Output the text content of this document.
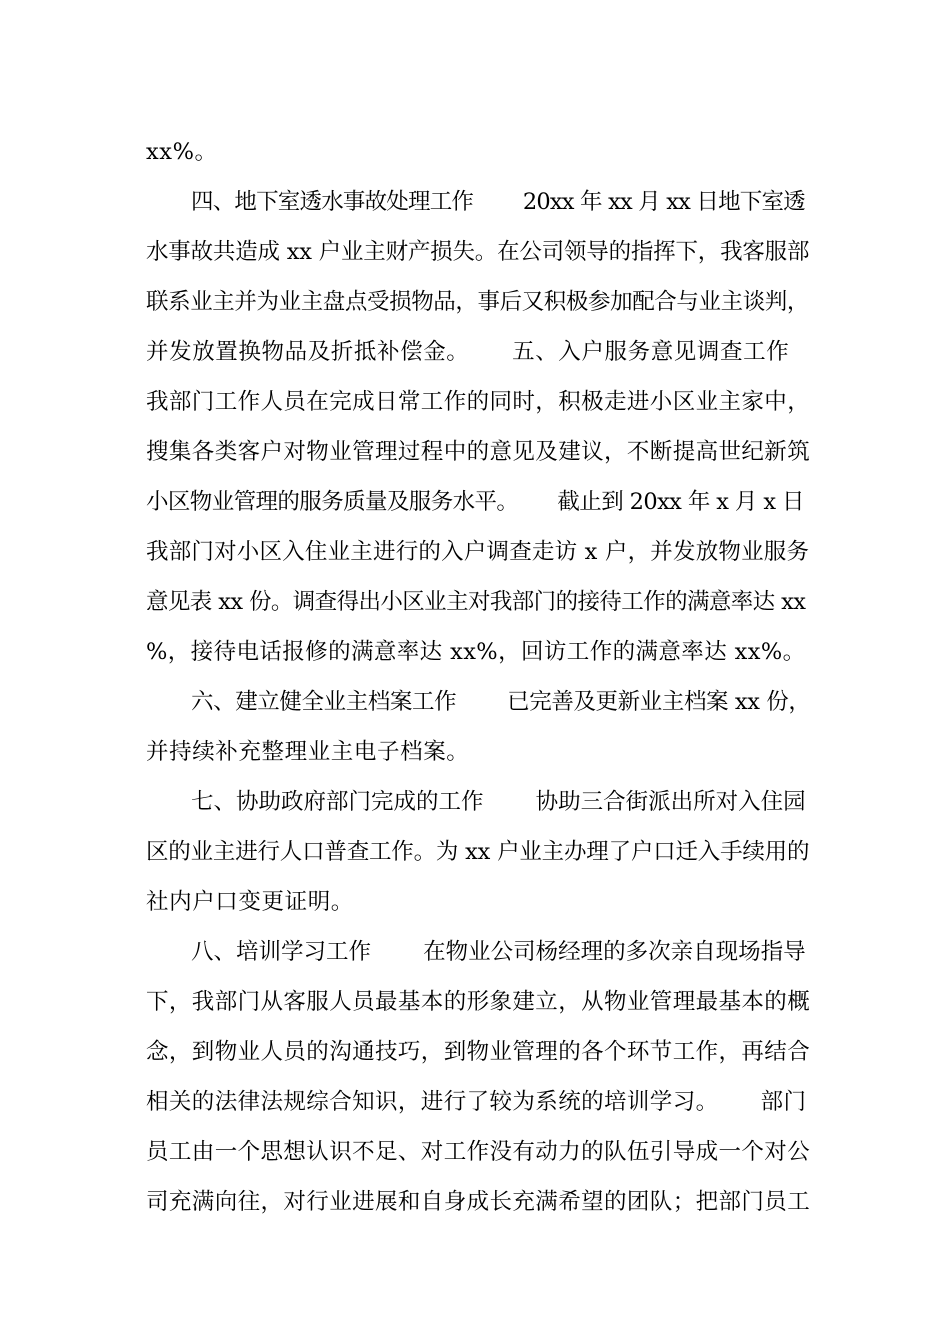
xx%。
四、地下室透水事故处理工作　　 20xx 年 xx 月 xx 日地下室透
水事故共造成 xx 户业主财产损失。在公司领导的指挥下，我客服部
联系业主并为业主盘点受损物品，事后又积极参加配合与业主谈判，
并发放置换物品及折抵补偿金。　　 五、入户服务意见调查工作
我部门工作人员在完成日常工作的同时，积极走进小区业主家中，
搜集各类客户对物业管理过程中的意见及建议，不断提高世纪新筑
小区物业管理的服务质量及服务水平。　　 截止到 20xx 年 x 月 x 日
我部门对小区入住业主进行的入户调查走访 x 户，并发放物业服务
意见表 xx 份。调查得出小区业主对我部门的接待工作的满意率达 xx
%，接待电话报修的满意率达 xx%，回访工作的满意率达 xx%。
六、建立健全业主档案工作　　 已完善及更新业主档案 xx 份，
并持续补充整理业主电子档案。
七、协助政府部门完成的工作　　 协助三合街派出所对入住园
区的业主进行人口普查工作。为 xx 户业主办理了户口迁入手续用的
社内户口变更证明。
八、培训学习工作　　 在物业公司杨经理的多次亲自现场指导
下，我部门从客服人员最基本的形象建立，从物业管理最基本的概
念，到物业人员的沟通技巧，到物业管理的各个环节工作，再结合
相关的法律法规综合知识，进行了较为系统的培训学习。　　 部门
员工由一个思想认识不足、对工作没有动力的队伍引导成一个对公
司充满向往，对行业进展和自身成长充满希望的团队；把部门员工
